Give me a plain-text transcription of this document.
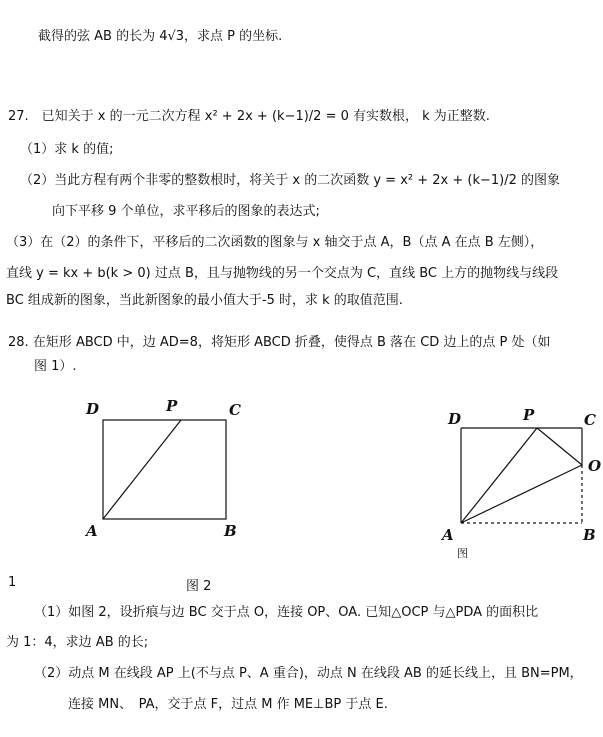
截得的弦 AB 的长为 4√3，求点 P 的坐标.
27.　已知关于 x 的一元二次方程 x² + 2x + (k−1)/2 = 0 有实数根， k 为正整数.
（1）求 k 的值;
（2）当此方程有两个非零的整数根时，将关于 x 的二次函数 y = x² + 2x + (k−1)/2 的图象
向下平移 9 个单位，求平移后的图象的表达式;
（3）在（2）的条件下，平移后的二次函数的图象与 x 轴交于点 A，B（点 A 在点 B 左侧），
直线 y = kx + b(k > 0) 过点 B，且与抛物线的另一个交点为 C，直线 BC 上方的抛物线与线段
BC 组成新的图象，当此新图象的最小值大于-5 时，求 k 的取值范围.
28. 在矩形 ABCD 中，边 AD=8，将矩形 ABCD 折叠，使得点 B 落在 CD 边上的点 P 处（如
图 1）.
D	P	C
A	B
D	P	C
O
A	B
图
1	图 2
（1）如图 2，设折痕与边 BC 交于点 O，连接 OP、OA. 已知△OCP 与△PDA 的面积比
为 1：4，求边 AB 的长;
（2）动点 M 在线段 AP 上(不与点 P、A 重合)，动点 N 在线段 AB 的延长线上，且 BN=PM，
连接 MN、　PA，交于点 F，过点 M 作 ME⊥BP 于点 E.
